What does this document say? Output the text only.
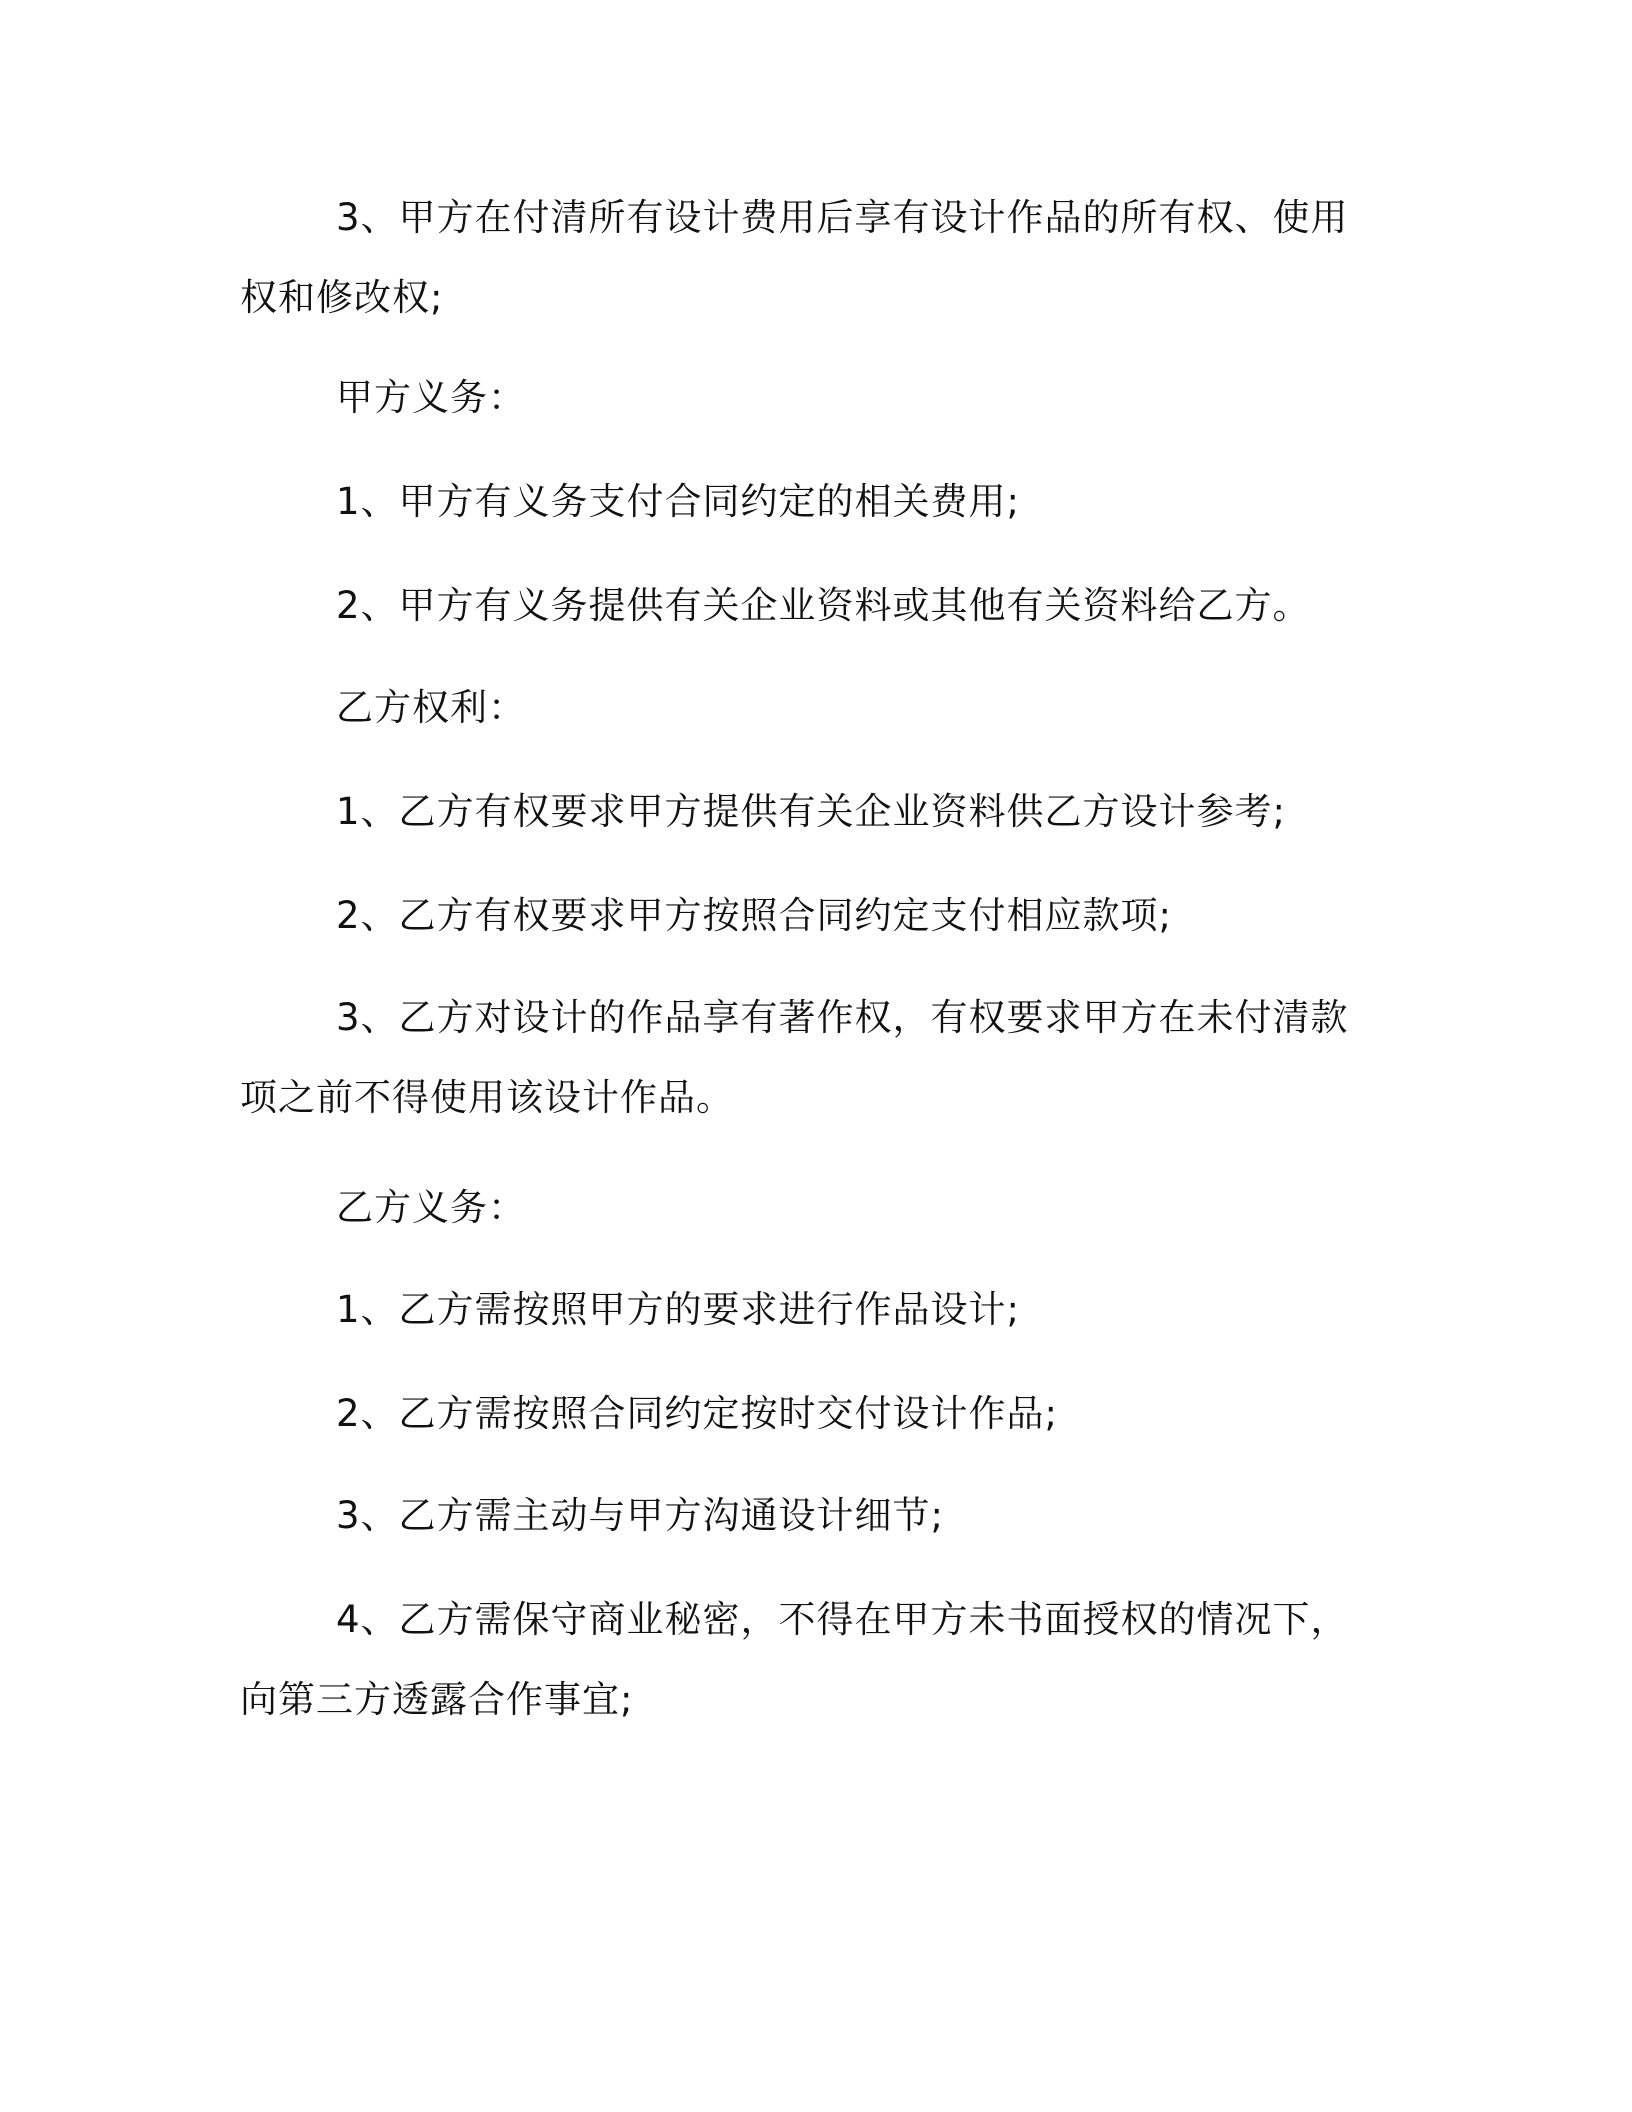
3、甲方在付清所有设计费用后享有设计作品的所有权、使用权和修改权;
甲方义务：
1、甲方有义务支付合同约定的相关费用;
2、甲方有义务提供有关企业资料或其他有关资料给乙方。
乙方权利：
1、乙方有权要求甲方提供有关企业资料供乙方设计参考;
2、乙方有权要求甲方按照合同约定支付相应款项;
3、乙方对设计的作品享有著作权，有权要求甲方在未付清款项之前不得使用该设计作品。
乙方义务：
1、乙方需按照甲方的要求进行作品设计;
2、乙方需按照合同约定按时交付设计作品;
3、乙方需主动与甲方沟通设计细节;
4、乙方需保守商业秘密，不得在甲方未书面授权的情况下，向第三方透露合作事宜;
